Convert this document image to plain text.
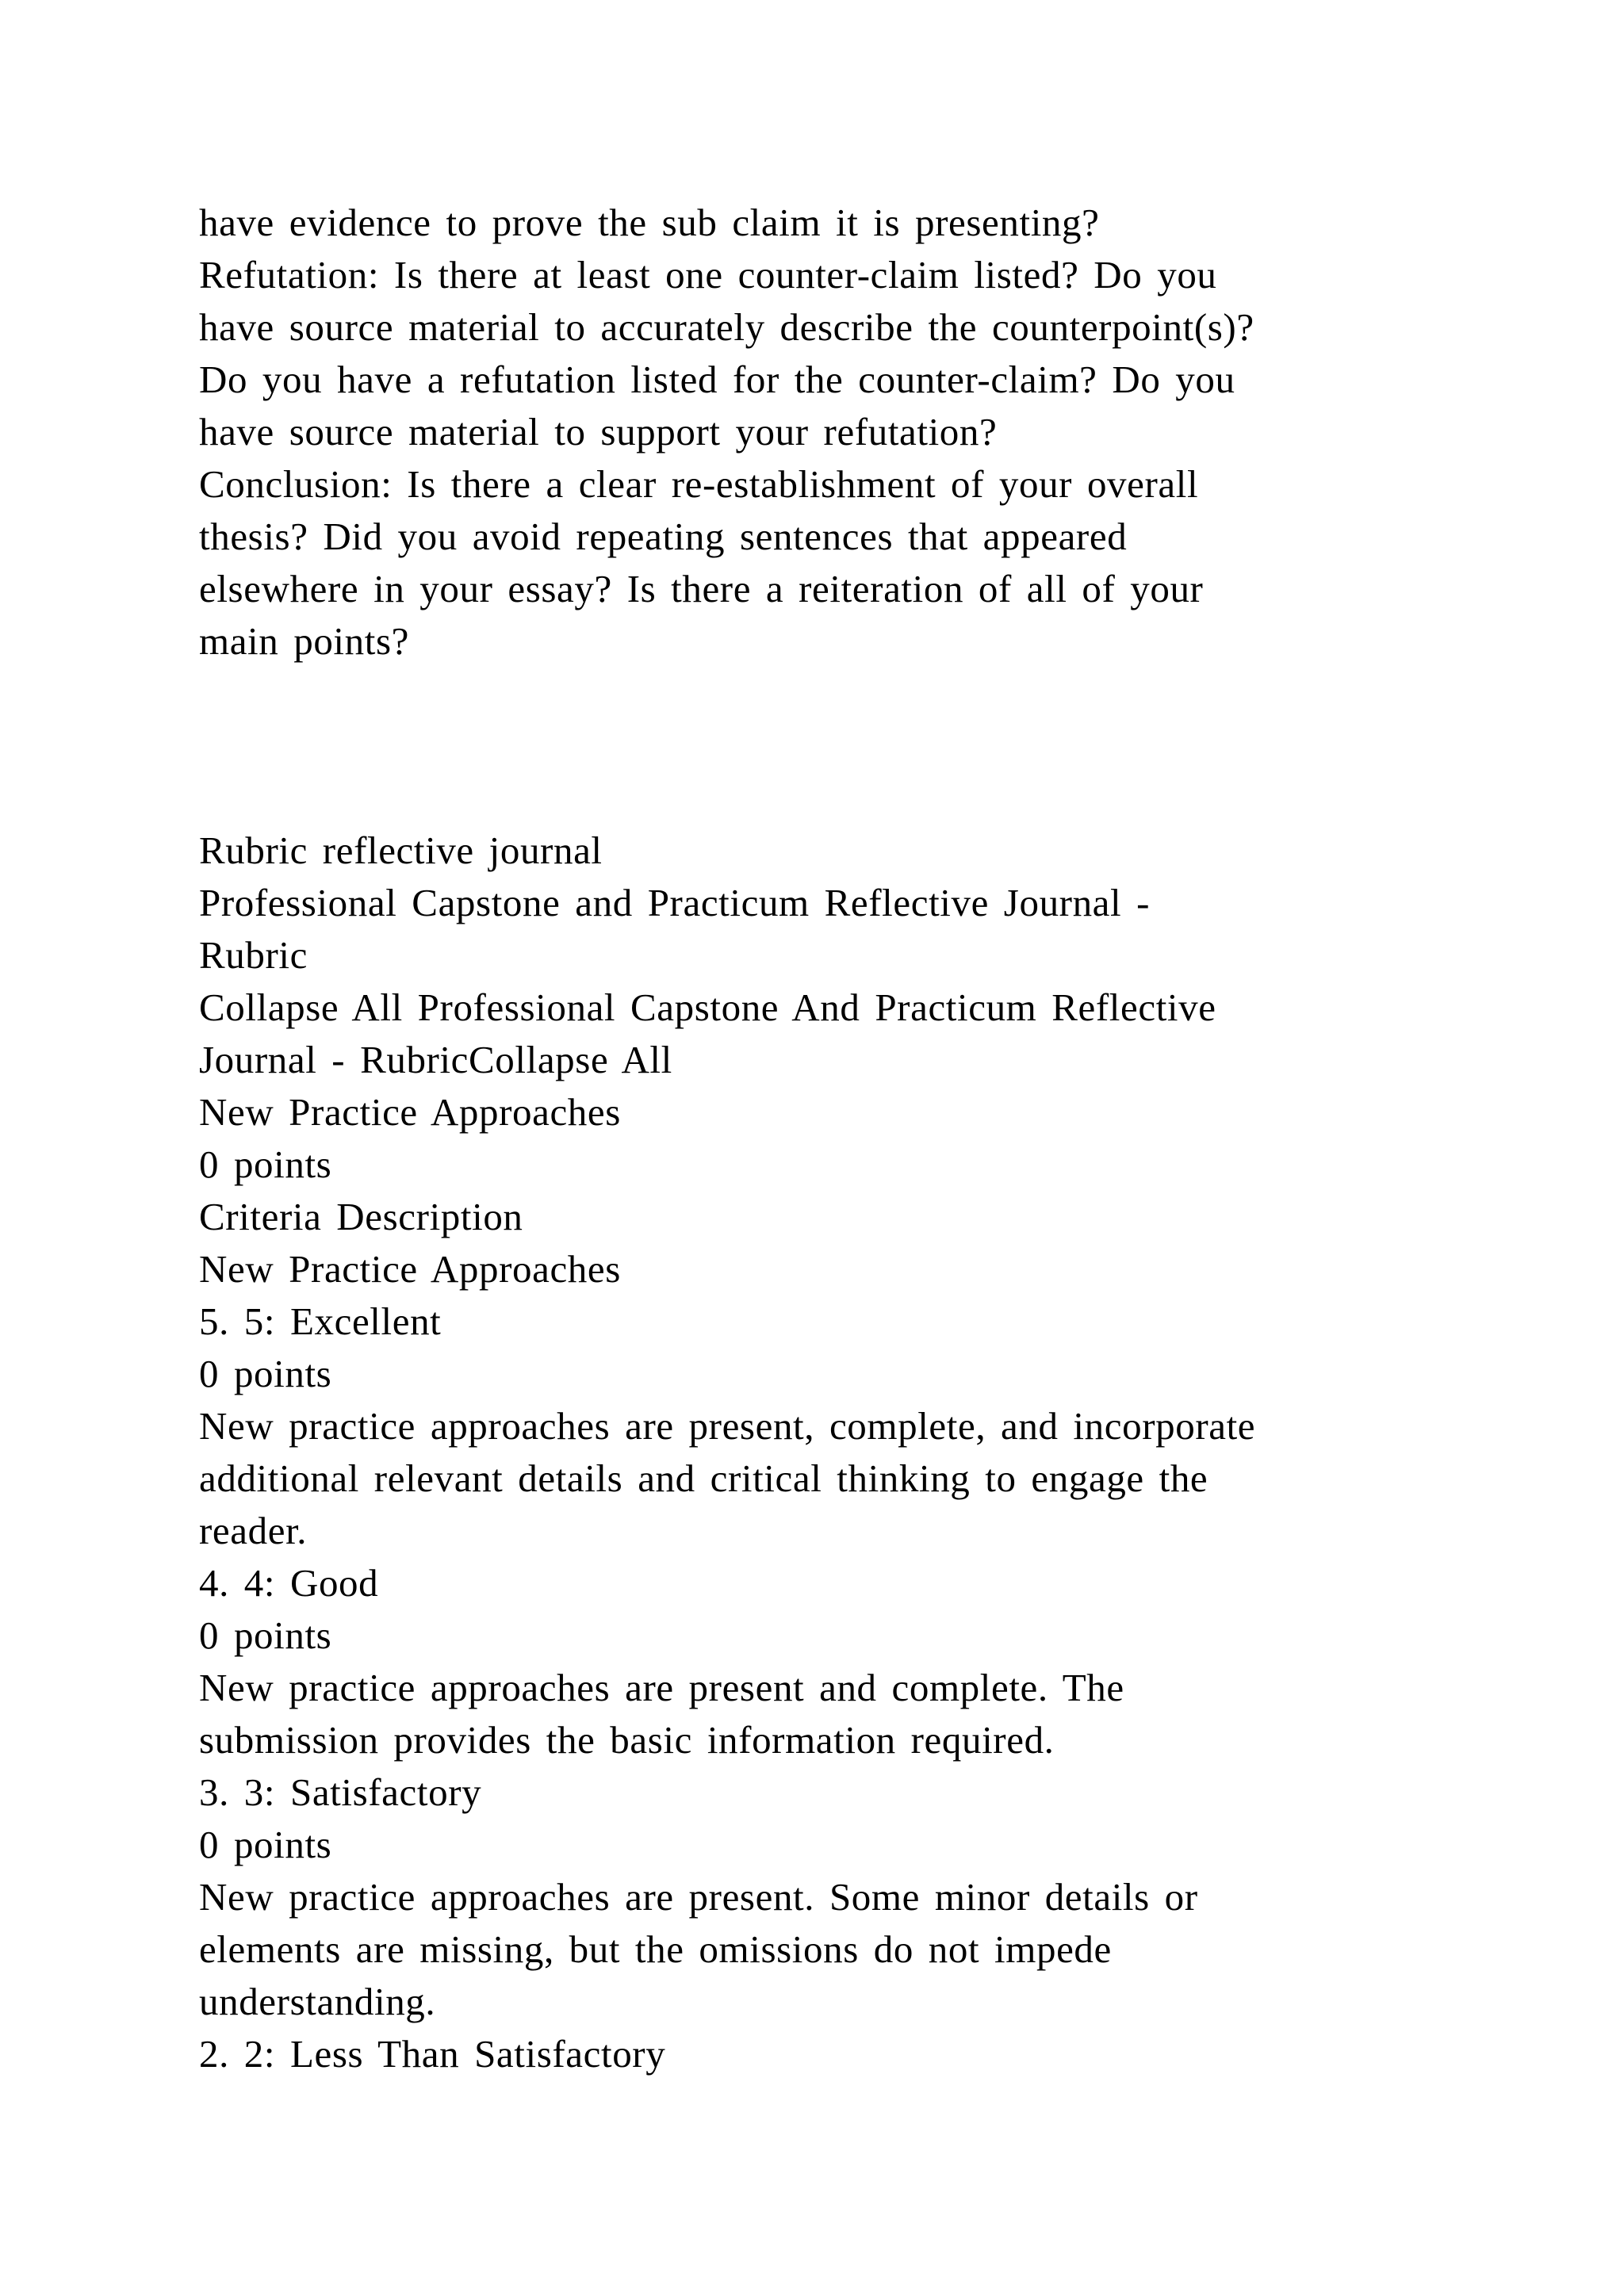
have evidence to prove the sub claim it is presenting?
Refutation: Is there at least one counter-claim listed? Do you
have source material to accurately describe the counterpoint(s)?
Do you have a refutation listed for the counter-claim? Do you
have source material to support your refutation?
Conclusion: Is there a clear re-establishment of your overall
thesis? Did you avoid repeating sentences that appeared
elsewhere in your essay? Is there a reiteration of all of your
main points?
Rubric reflective journal
Professional Capstone and Practicum Reflective Journal -
Rubric
Collapse All Professional Capstone And Practicum Reflective
Journal - RubricCollapse All
New Practice Approaches
0 points
Criteria Description
New Practice Approaches
5. 5: Excellent
0 points
New practice approaches are present, complete, and incorporate
additional relevant details and critical thinking to engage the
reader.
4. 4: Good
0 points
New practice approaches are present and complete. The
submission provides the basic information required.
3. 3: Satisfactory
0 points
New practice approaches are present. Some minor details or
elements are missing, but the omissions do not impede
understanding.
2. 2: Less Than Satisfactory
